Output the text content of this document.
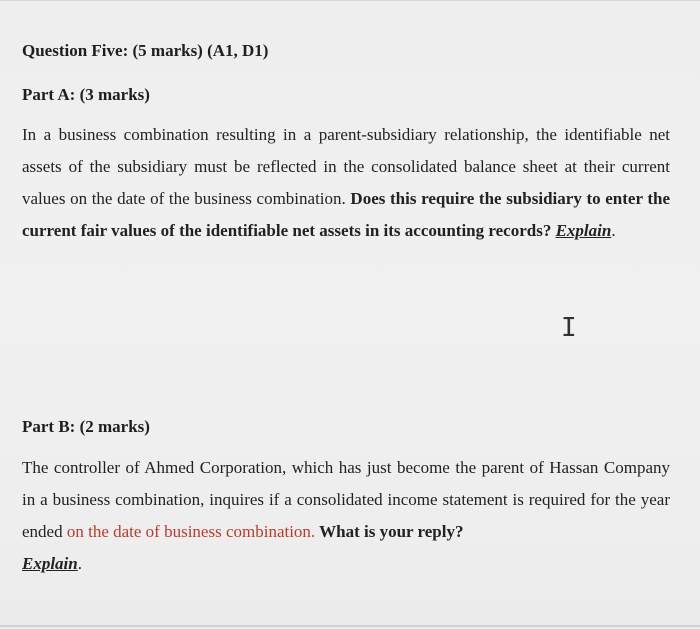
Question Five: (5 marks) (A1, D1)
Part A: (3 marks)
In a business combination resulting in a parent-subsidiary relationship, the identifiable net assets of the subsidiary must be reflected in the consolidated balance sheet at their current values on the date of the business combination. Does this require the subsidiary to enter the current fair values of the identifiable net assets in its accounting records? Explain.
I
Part B: (2 marks)
The controller of Ahmed Corporation, which has just become the parent of Hassan Company in a business combination, inquires if a consolidated income statement is required for the year ended on the date of business combination. What is your reply?
Explain.
